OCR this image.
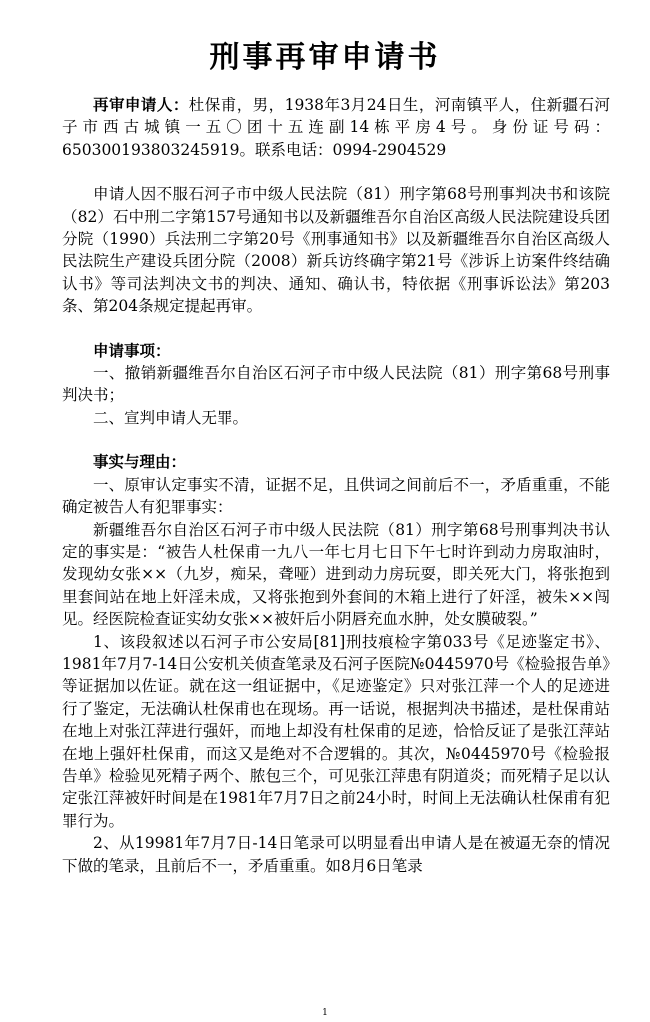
刑事再审申请书

再审申请人：杜保甫，男，1938年3月24日生，河南镇平人，住新疆石河子市西古城镇一五〇团十五连副14栋平房4号。身份证号码：650300193803245919。联系电话：0994-2904529

申请人因不服石河子市中级人民法院（81）刑字第68号刑事判决书和该院（82）石中刑二字第157号通知书以及新疆维吾尔自治区高级人民法院建设兵团分院（1990）兵法刑二字第20号《刑事通知书》以及新疆维吾尔自治区高级人民法院生产建设兵团分院（2008）新兵访终确字第21号《涉诉上访案件终结确认书》等司法判决文书的判决、通知、确认书，特依据《刑事诉讼法》第203条、第204条规定提起再审。

申请事项：

一、撤销新疆维吾尔自治区石河子市中级人民法院（81）刑字第68号刑事判决书；

二、宣判申请人无罪。

事实与理由：

一、原审认定事实不清，证据不足，且供词之间前后不一，矛盾重重，不能确定被告人有犯罪事实：

新疆维吾尔自治区石河子市中级人民法院（81）刑字第68号刑事判决书认定的事实是：“被告人杜保甫一九八一年七月七日下午七时许到动力房取油时，发现幼女张××（九岁，痴呆，聋哑）进到动力房玩耍，即关死大门，将张抱到里套间站在地上奸淫未成，又将张抱到外套间的木箱上进行了奸淫，被朱××闯见。经医院检查证实幼女张××被奸后小阴唇充血水肿，处女膜破裂。”

1、该段叙述以石河子市公安局[81]刑技痕检字第033号《足迹鉴定书》、1981年7月7-14日公安机关侦查笔录及石河子医院№0445970号《检验报告单》等证据加以佐证。就在这一组证据中，《足迹鉴定》只对张江萍一个人的足迹进行了鉴定，无法确认杜保甫也在现场。再一话说，根据判决书描述，是杜保甫站在地上对张江萍进行强奸，而地上却没有杜保甫的足迹，恰恰反证了是张江萍站在地上强奸杜保甫，而这又是绝对不合逻辑的。其次，№0445970号《检验报告单》检验见死精子两个、脓包三个，可见张江萍患有阴道炎；而死精子足以认定张江萍被奸时间是在1981年7月7日之前24小时，时间上无法确认杜保甫有犯罪行为。

2、从19981年7月7日-14日笔录可以明显看出申请人是在被逼无奈的情况下做的笔录，且前后不一，矛盾重重。如8月6日笔录

1
